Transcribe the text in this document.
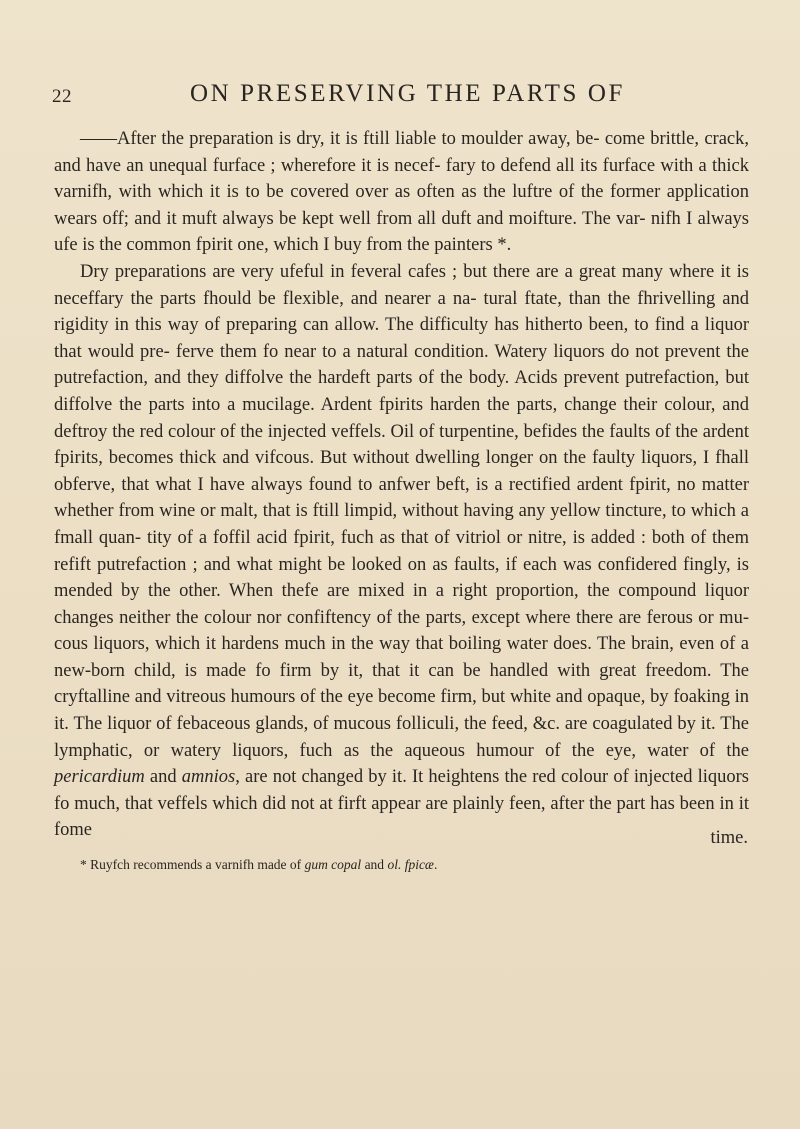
22	ON PRESERVING THE PARTS OF

——After the preparation is dry, it is ftill liable to moulder away, be- come brittle, crack, and have an unequal furface ; wherefore it is necef- fary to defend all its furface with a thick varnifh, with which it is to be covered over as often as the luftre of the former application wears off; and it muft always be kept well from all duft and moifture. The var- nifh I always ufe is the common fpirit one, which I buy from the painters *.

Dry preparations are very ufeful in feveral cafes ; but there are a great many where it is neceffary the parts fhould be flexible, and nearer a na- tural ftate, than the fhrivelling and rigidity in this way of preparing can allow. The difficulty has hitherto been, to find a liquor that would pre- ferve them fo near to a natural condition. Watery liquors do not prevent the putrefaction, and they diffolve the hardeft parts of the body. Acids prevent putrefaction, but diffolve the parts into a mucilage. Ardent fpirits harden the parts, change their colour, and deftroy the red colour of the injected veffels. Oil of turpentine, befides the faults of the ardent fpirits, becomes thick and vifcous. But without dwelling longer on the faulty liquors, I fhall obferve, that what I have always found to anfwer beft, is a rectified ardent fpirit, no matter whether from wine or malt, that is ftill limpid, without having any yellow tincture, to which a fmall quan- tity of a foffil acid fpirit, fuch as that of vitriol or nitre, is added : both of them refift putrefaction ; and what might be looked on as faults, if each was confidered fingly, is mended by the other. When thefe are mixed in a right proportion, the compound liquor changes neither the colour nor confiftency of the parts, except where there are ferous or mu- cous liquors, which it hardens much in the way that boiling water does. The brain, even of a new-born child, is made fo firm by it, that it can be handled with great freedom. The cryftalline and vitreous humours of the eye become firm, but white and opaque, by foaking in it. The liquor of febaceous glands, of mucous folliculi, the feed, &c. are coagulated by it. The lymphatic, or watery liquors, fuch as the aqueous humour of the eye, water of the pericardium and amnios, are not changed by it. It heightens the red colour of injected liquors fo much, that veffels which did not at firft appear are plainly feen, after the part has been in it fome	time.
* Ruyfch recommends a varnifh made of gum copal and ol. fpicæ.
